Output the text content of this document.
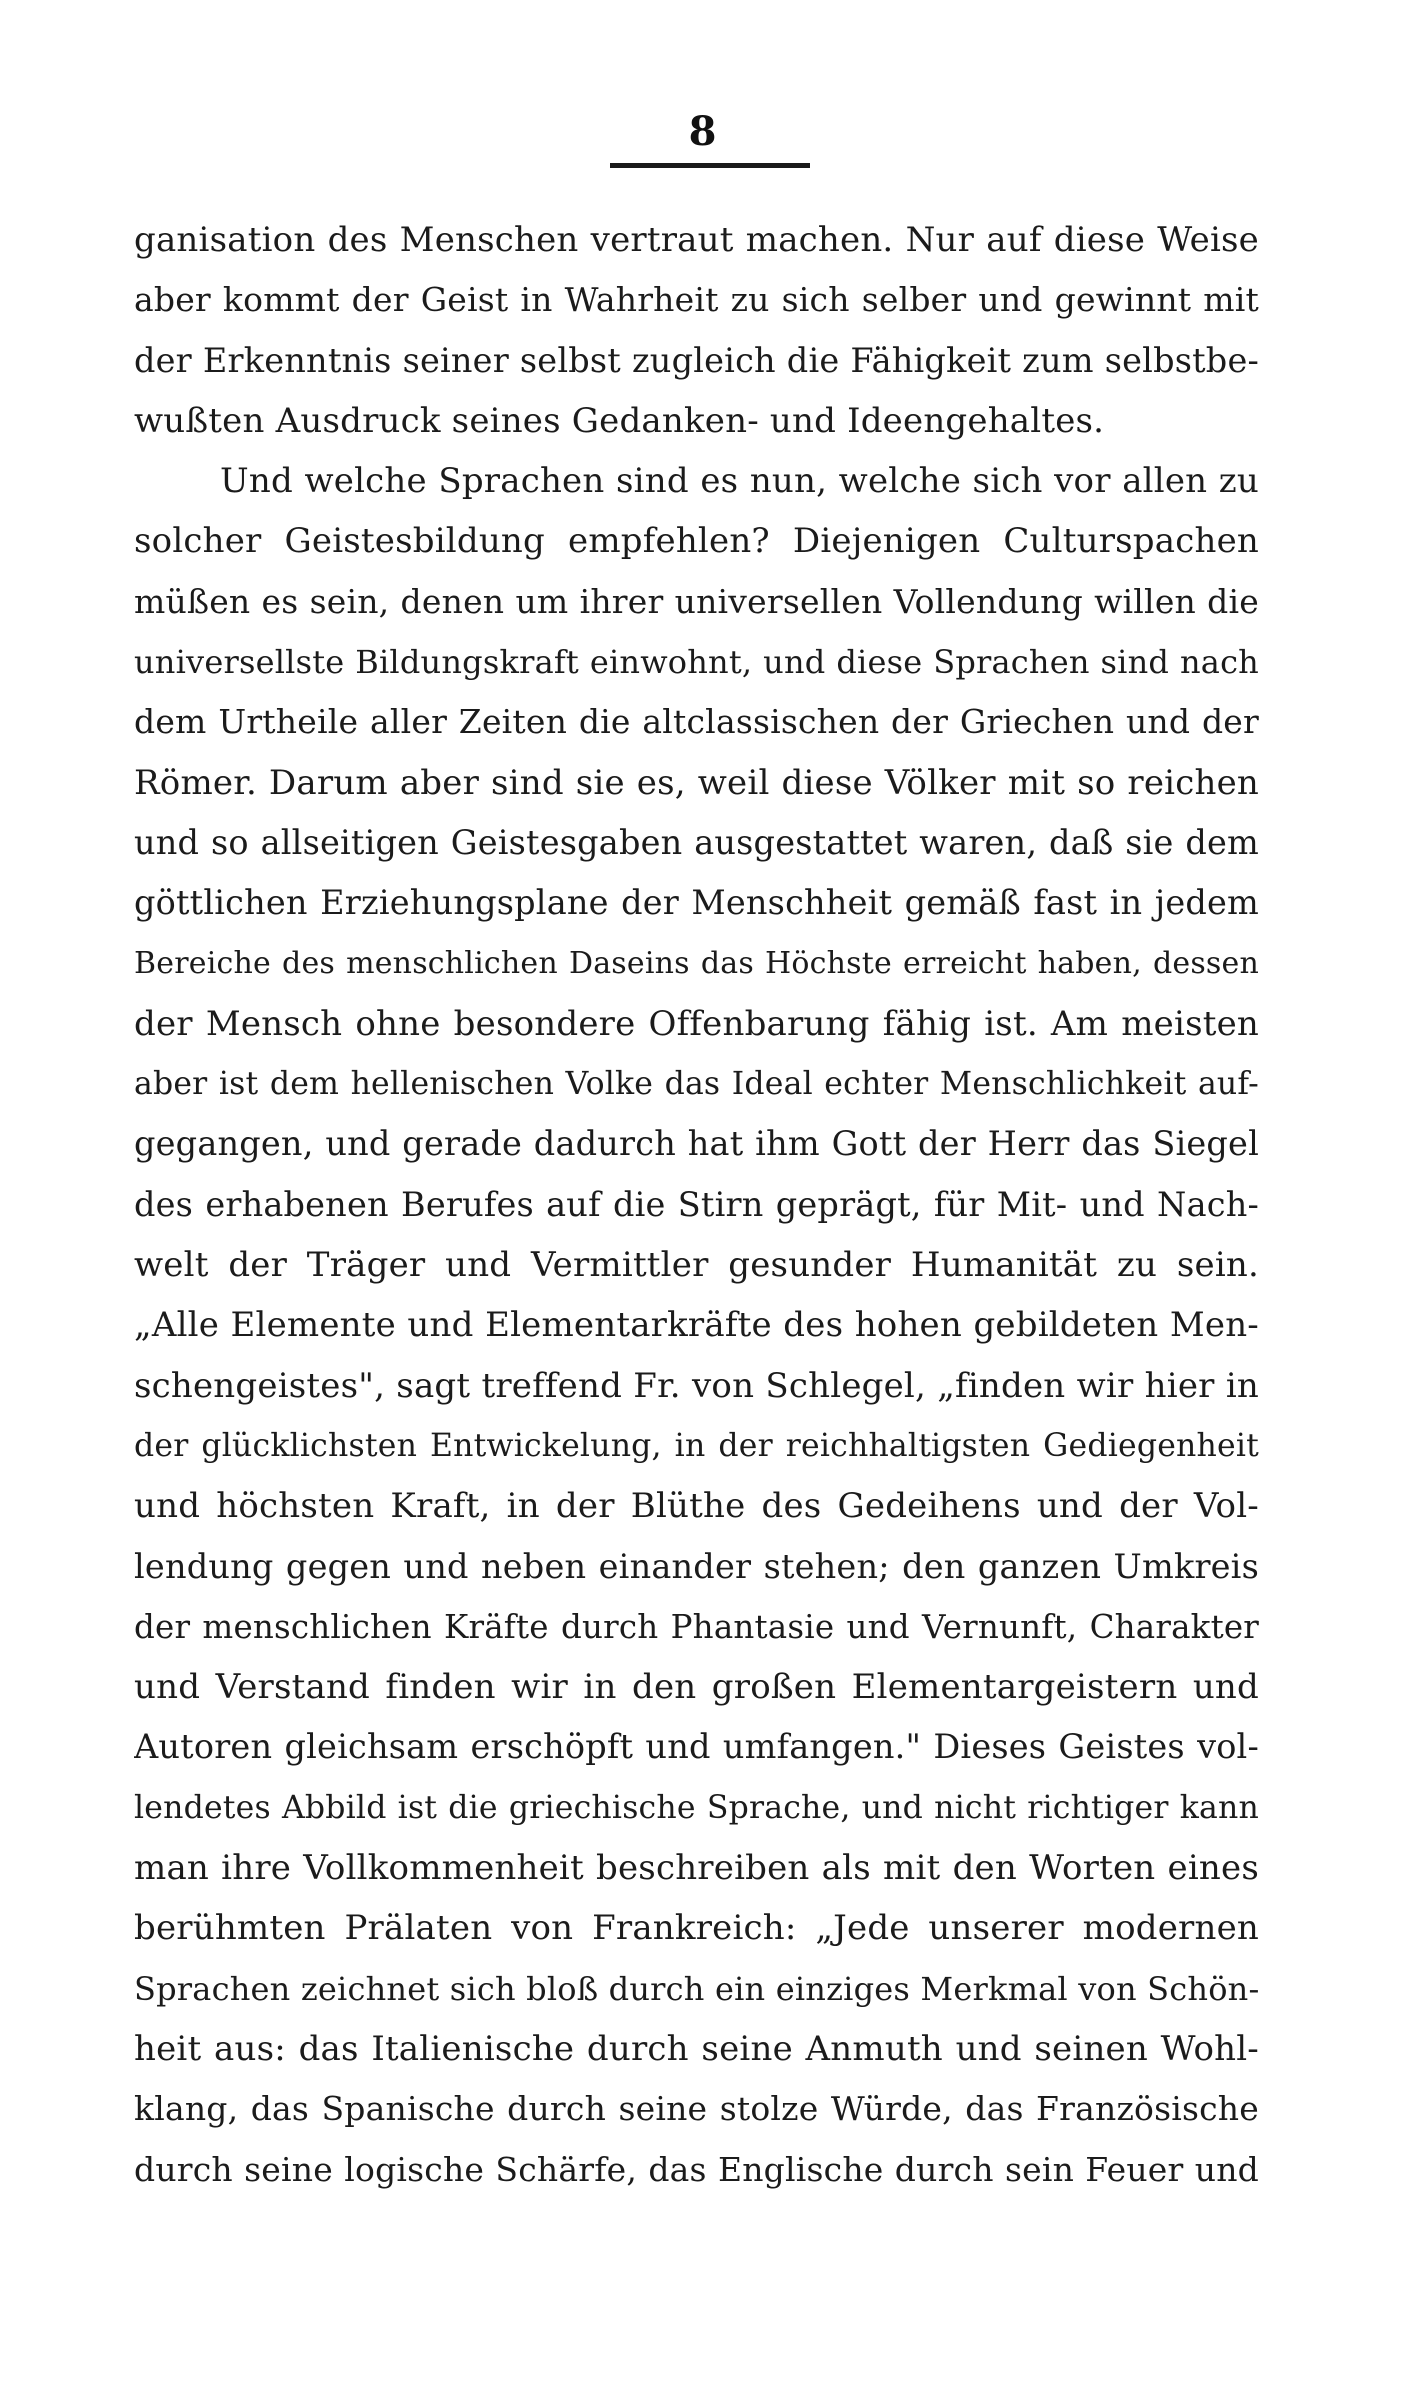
8
ganisation des Menschen vertraut machen. Nur auf diese Weise
aber kommt der Geist in Wahrheit zu sich selber und gewinnt mit
der Erkenntnis seiner selbst zugleich die Fähigkeit zum selbstbe-
wußten Ausdruck seines Gedanken- und Ideengehaltes.
Und welche Sprachen sind es nun, welche sich vor allen zu
solcher Geistesbildung empfehlen? Diejenigen Culturspachen
müßen es sein, denen um ihrer universellen Vollendung willen die
universellste Bildungskraft einwohnt, und diese Sprachen sind nach
dem Urtheile aller Zeiten die altclassischen der Griechen und der
Römer. Darum aber sind sie es, weil diese Völker mit so reichen
und so allseitigen Geistesgaben ausgestattet waren, daß sie dem
göttlichen Erziehungsplane der Menschheit gemäß fast in jedem
Bereiche des menschlichen Daseins das Höchste erreicht haben, dessen
der Mensch ohne besondere Offenbarung fähig ist. Am meisten
aber ist dem hellenischen Volke das Ideal echter Menschlichkeit auf-
gegangen, und gerade dadurch hat ihm Gott der Herr das Siegel
des erhabenen Berufes auf die Stirn geprägt, für Mit- und Nach-
welt der Träger und Vermittler gesunder Humanität zu sein.
„Alle Elemente und Elementarkräfte des hohen gebildeten Men-
schengeistes", sagt treffend Fr. von Schlegel, „finden wir hier in
der glücklichsten Entwickelung, in der reichhaltigsten Gediegenheit
und höchsten Kraft, in der Blüthe des Gedeihens und der Vol-
lendung gegen und neben einander stehen; den ganzen Umkreis
der menschlichen Kräfte durch Phantasie und Vernunft, Charakter
und Verstand finden wir in den großen Elementargeistern und
Autoren gleichsam erschöpft und umfangen." Dieses Geistes vol-
lendetes Abbild ist die griechische Sprache, und nicht richtiger kann
man ihre Vollkommenheit beschreiben als mit den Worten eines
berühmten Prälaten von Frankreich: „Jede unserer modernen
Sprachen zeichnet sich bloß durch ein einziges Merkmal von Schön-
heit aus: das Italienische durch seine Anmuth und seinen Wohl-
klang, das Spanische durch seine stolze Würde, das Französische
durch seine logische Schärfe, das Englische durch sein Feuer und
